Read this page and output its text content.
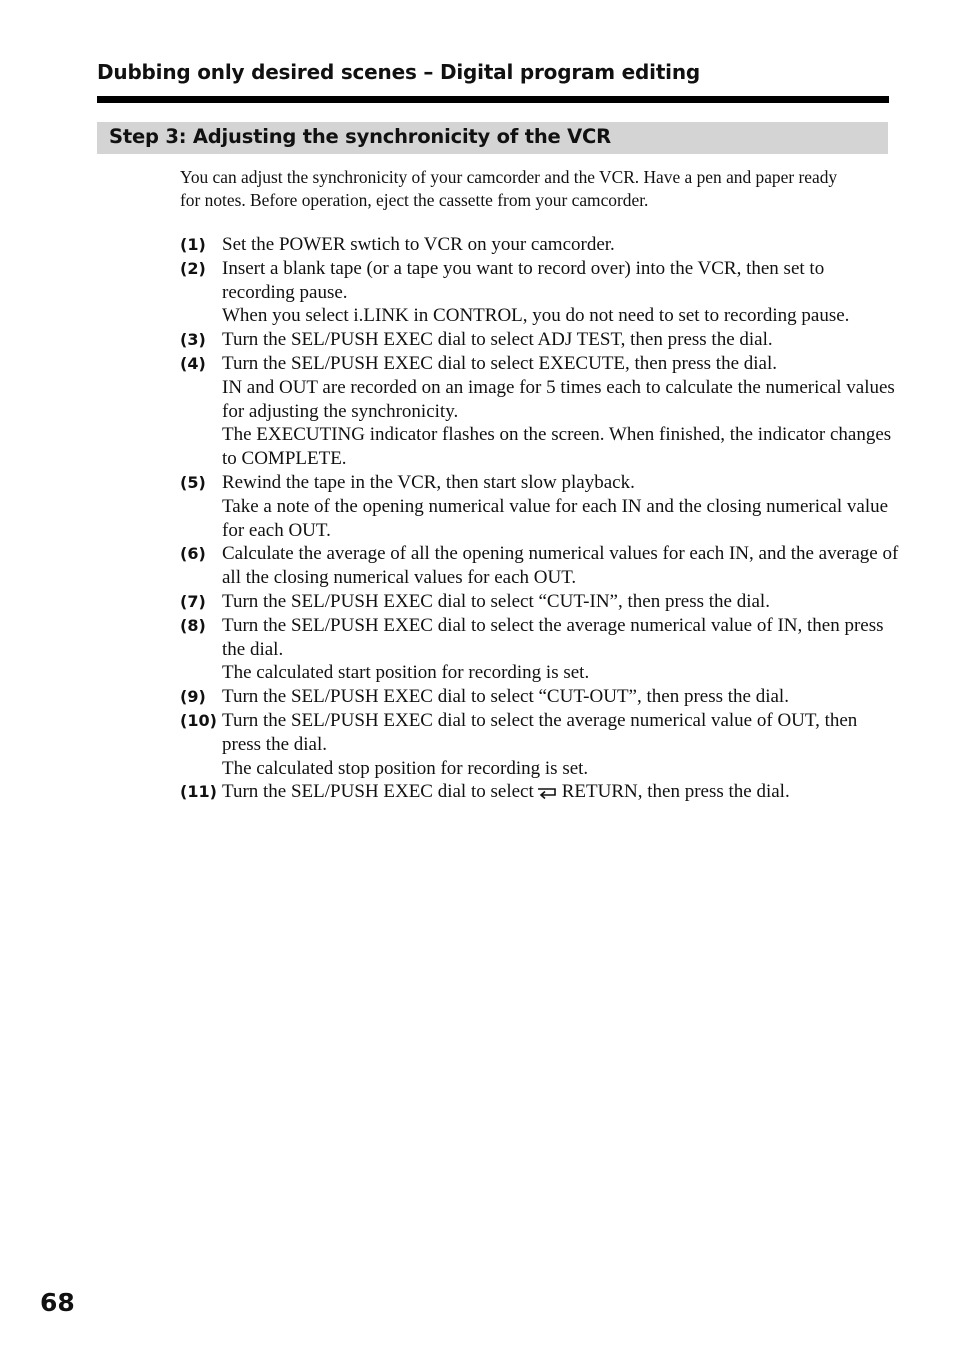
Dubbing only desired scenes – Digital program editing
Step 3: Adjusting the synchronicity of the VCR
You can adjust the synchronicity of your camcorder and the VCR. Have a pen and paper ready for notes. Before operation, eject the cassette from your camcorder.
(1) Set the POWER swtich to VCR on your camcorder.

(2) Insert a blank tape (or a tape you want to record over) into the VCR, then set to recording pause.

When you select i.LINK in CONTROL, you do not need to set to recording pause.

(3) Turn the SEL/PUSH EXEC dial to select ADJ TEST, then press the dial.

(4) Turn the SEL/PUSH EXEC dial to select EXECUTE, then press the dial.

IN and OUT are recorded on an image for 5 times each to calculate the numerical values for adjusting the synchronicity.

The EXECUTING indicator flashes on the screen. When finished, the indicator changes to COMPLETE.

(5) Rewind the tape in the VCR, then start slow playback.

Take a note of the opening numerical value for each IN and the closing numerical value for each OUT.

(6) Calculate the average of all the opening numerical values for each IN, and the average of all the closing numerical values for each OUT.

(7) Turn the SEL/PUSH EXEC dial to select “CUT-IN”, then press the dial.

(8) Turn the SEL/PUSH EXEC dial to select the average numerical value of IN, then press the dial.

The calculated start position for recording is set.

(9) Turn the SEL/PUSH EXEC dial to select “CUT-OUT”, then press the dial.

(10) Turn the SEL/PUSH EXEC dial to select the average numerical value of OUT, then press the dial.

The calculated stop position for recording is set.

(11) Turn the SEL/PUSH EXEC dial to select RETURN, then press the dial.

68
